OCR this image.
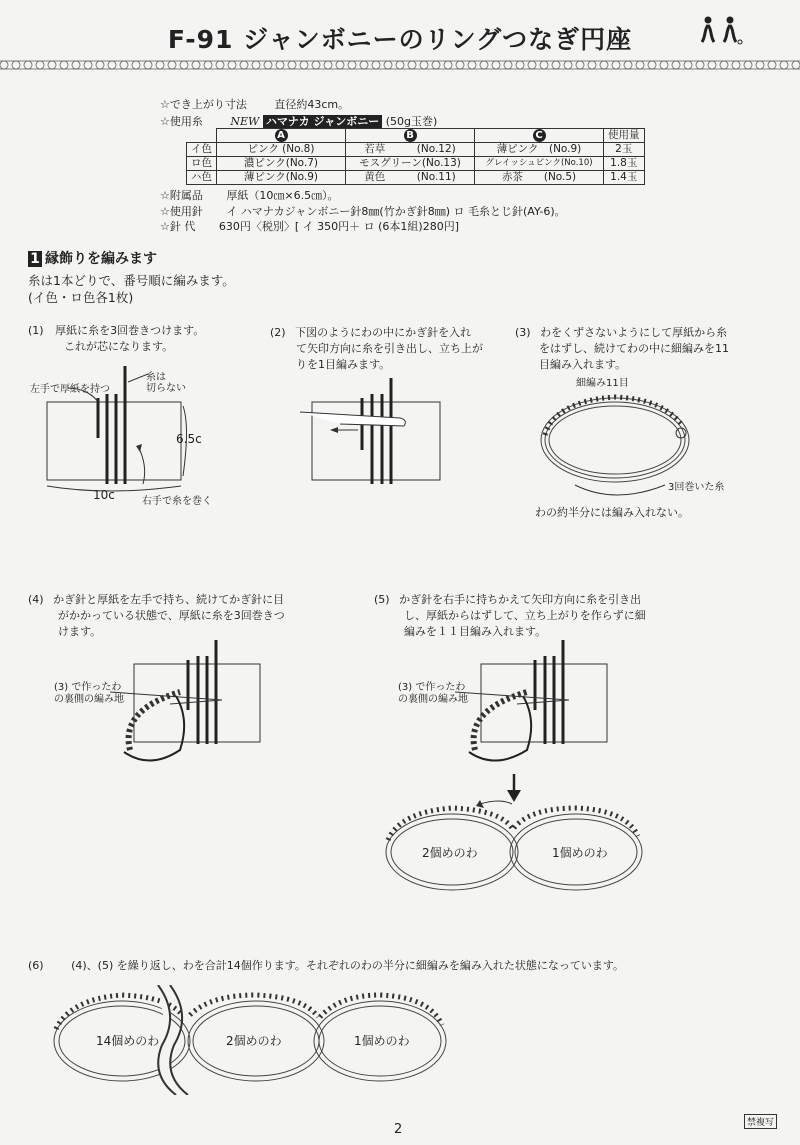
F-91 ジャンボニーのリングつなぎ円座
☆でき上がり寸法	直径約43cm。
☆使用糸	NEW ハマナカ ジャンボニー (50g玉巻)
	A	B	C	使用量
イ色	ピンク (No.8)	若草　　　(No.12)	薄ピンク　(No.9)	2玉
ロ色	濃ピンク(No.7)	モスグリーン(No.13)	グレイッシュピンク(No.10)	1.8玉
ハ色	薄ピンク(No.9)	黄色　　　(No.11)	赤茶　　(No.5)	1.4玉
☆附属品 厚紙（10㎝×6.5㎝）。
☆使用針 イ ハマナカジャンボニー針8㎜(竹かぎ針8㎜) ロ 毛糸とじ針(AY-6)。
☆針 代 630円〈税別〉[ イ 350円＋ ロ (6本1組)280円]
1 縁飾りを編みます
糸は1本どりで、番号順に編みます。
(イ色・ロ色各1枚)
(1) 厚紙に糸を3回巻きつけます。
これが芯になります。
左手で厚紙を持つ
糸は
切らない
6.5c
10c	右手で糸を巻く
(2) 下図のようにわの中にかぎ針を入れ
て矢印方向に糸を引き出し、立ち上が
りを1目編みます。
(3) わをくずさないようにして厚紙から糸
をはずし、続けてわの中に細編みを11
目編み入れます。
細編み11目
3回巻いた糸
わの約半分には編み入れない。
(4) かぎ針と厚紙を左手で持ち、続けてかぎ針に目
がかかっている状態で、厚紙に糸を3回巻きつ
けます。
(3) で作ったわ
の裏側の編み地
(5) かぎ針を右手に持ちかえて矢印方向に糸を引き出
し、厚紙からはずして、立ち上がりを作らずに細
編みを１１目編み入れます。
(3) で作ったわ
の裏側の編み地
2個めのわ	1個めのわ
(6)	(4)、(5) を繰り返し、わを合計14個作ります。それぞれのわの半分に細編みを編み入れた状態になっています。
14個めのわ	2個めのわ	1個めのわ
2	禁複写
